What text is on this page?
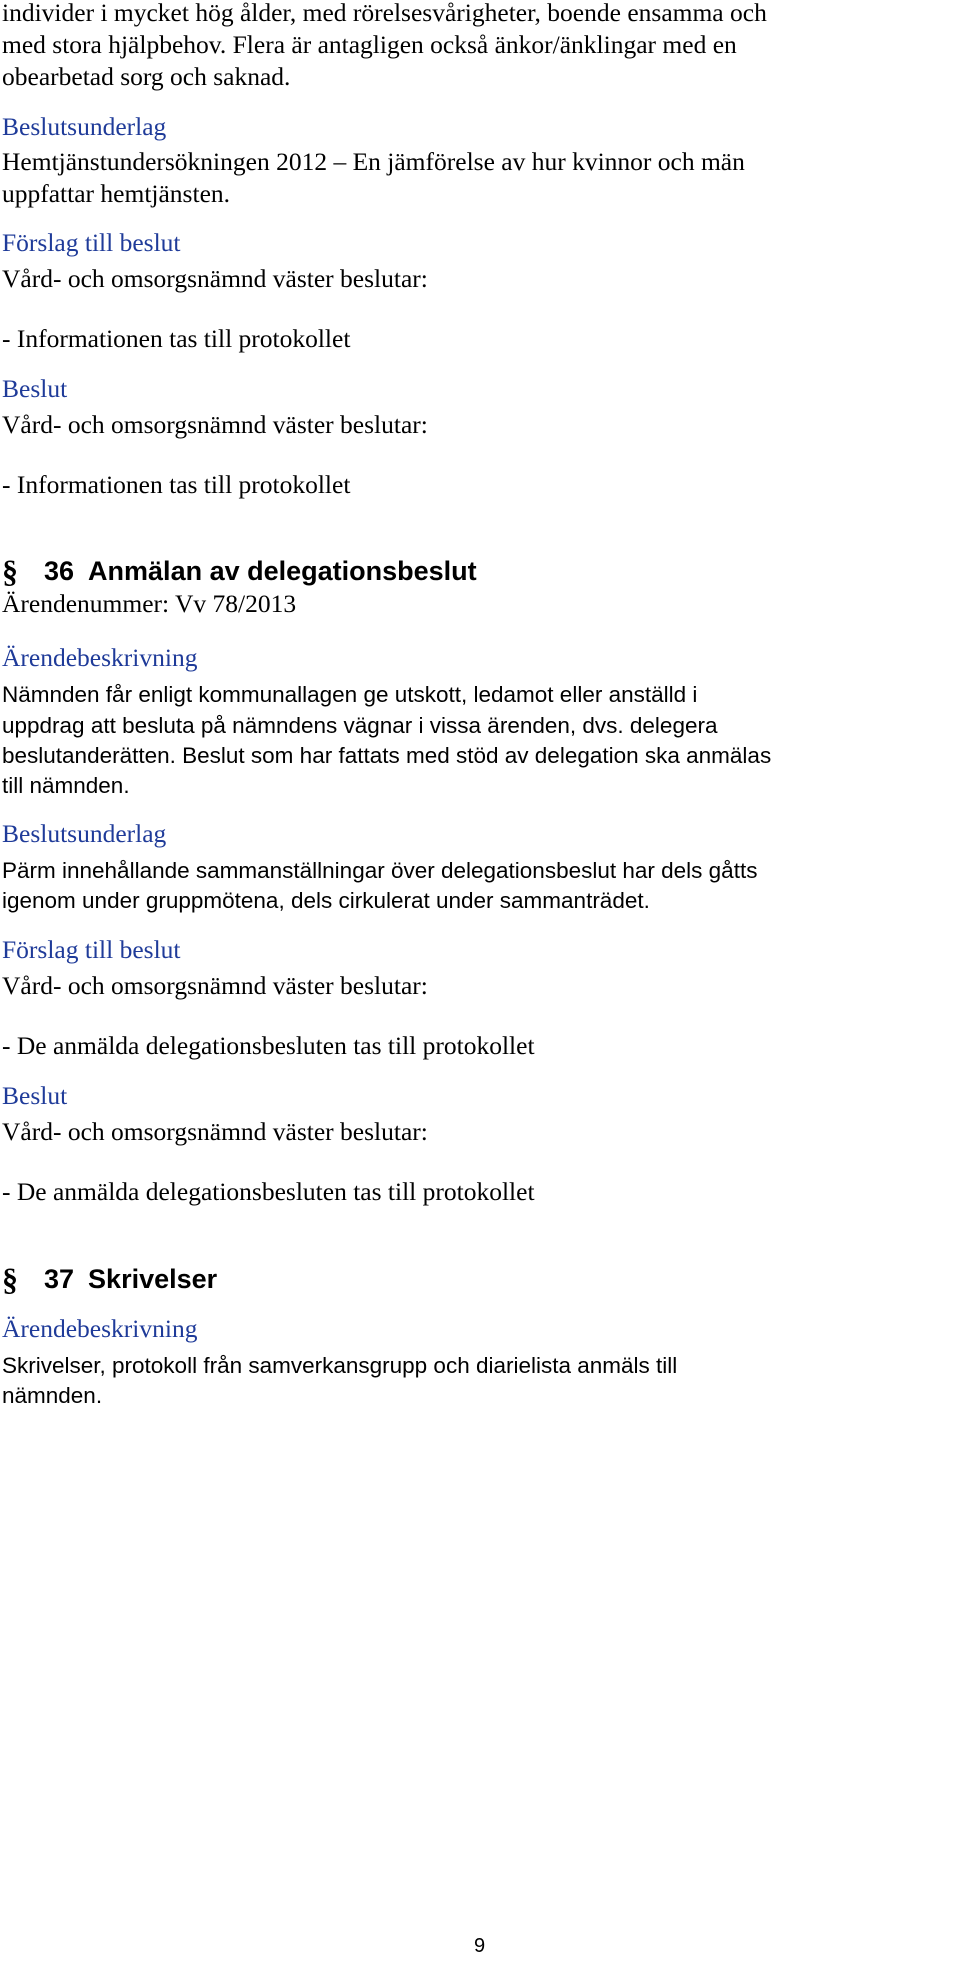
individer i mycket hög ålder, med rörelsesvårigheter, boende ensamma och

med stora hjälpbehov. Flera är antagligen också änkor/änklingar med en

obearbetad sorg och saknad.

Beslutsunderlag

Hemtjänstundersökningen 2012 – En jämförelse av hur kvinnor och män

uppfattar hemtjänsten.

Förslag till beslut

Vård- och omsorgsnämnd väster beslutar:

- Informationen tas till protokollet

Beslut

Vård- och omsorgsnämnd väster beslutar:

- Informationen tas till protokollet

§ 36 Anmälan av delegationsbeslut

Ärendenummer: Vv 78/2013

Ärendebeskrivning

Nämnden får enligt kommunallagen ge utskott, ledamot eller anställd i

uppdrag att besluta på nämndens vägnar i vissa ärenden, dvs. delegera

beslutanderätten. Beslut som har fattats med stöd av delegation ska anmälas

till nämnden.

Beslutsunderlag

Pärm innehållande sammanställningar över delegationsbeslut har dels gåtts

igenom under gruppmötena, dels cirkulerat under sammanträdet.

Förslag till beslut

Vård- och omsorgsnämnd väster beslutar:

- De anmälda delegationsbesluten tas till protokollet

Beslut

Vård- och omsorgsnämnd väster beslutar:

- De anmälda delegationsbesluten tas till protokollet

§ 37 Skrivelser

Ärendebeskrivning

Skrivelser, protokoll från samverkansgrupp och diarielista anmäls till

nämnden.

9
